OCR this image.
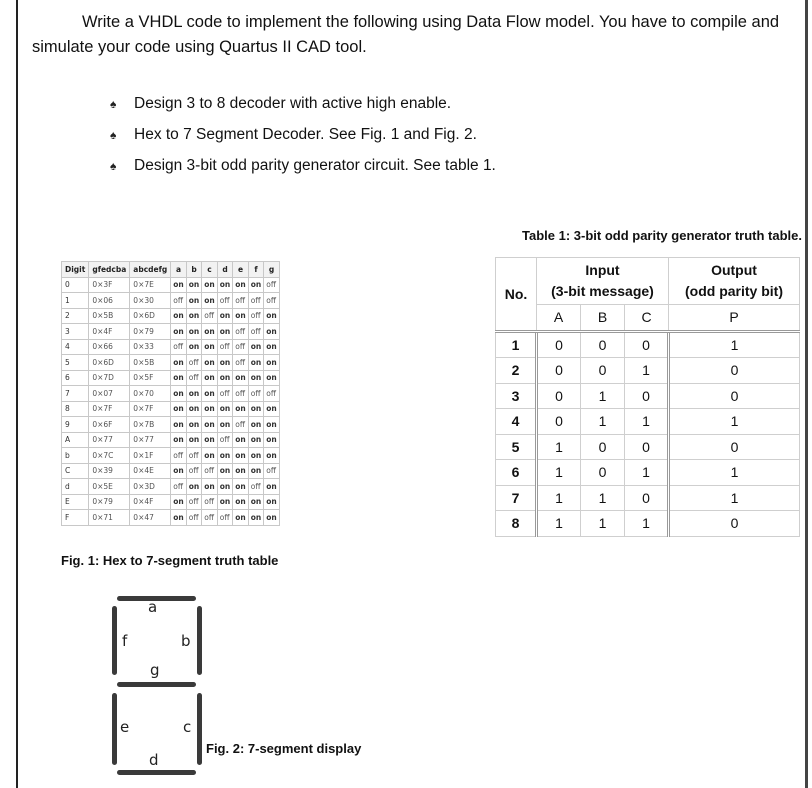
Write a VHDL code to implement the following using Data Flow model. You have to compile and
simulate your code using Quartus II CAD tool.
♠	Design 3 to 8 decoder with active high enable.
♠	Hex to 7 Segment Decoder. See Fig. 1 and Fig. 2.
♠	Design 3-bit odd parity generator circuit. See table 1.
Digit	gfedcba	abcdefg	a	b	c	d	e	f	g
0	0×3F	0×7E	on	on	on	on	on	on	off
1	0×06	0×30	off	on	on	off	off	off	off
2	0×5B	0×6D	on	on	off	on	on	off	on
3	0×4F	0×79	on	on	on	on	off	off	on
4	0×66	0×33	off	on	on	off	off	on	on
5	0×6D	0×5B	on	off	on	on	off	on	on
6	0×7D	0×5F	on	off	on	on	on	on	on
7	0×07	0×70	on	on	on	off	off	off	off
8	0×7F	0×7F	on	on	on	on	on	on	on
9	0×6F	0×7B	on	on	on	on	off	on	on
A	0×77	0×77	on	on	on	off	on	on	on
b	0×7C	0×1F	off	off	on	on	on	on	on
C	0×39	0×4E	on	off	off	on	on	on	off
d	0×5E	0×3D	off	on	on	on	on	off	on
E	0×79	0×4F	on	off	off	on	on	on	on
F	0×71	0×47	on	off	off	off	on	on	on
Fig. 1: Hex to 7-segment truth table
Table 1: 3-bit odd parity generator truth table.
No.	
Input
(3-bit message)

Output
(odd parity bit)

	A	B	C	P
1	0	0	0	1
2	0	0	1	0
3	0	1	0	0
4	0	1	1	1
5	1	0	0	0
6	1	0	1	1
7	1	1	0	1
8	1	1	1	0
a
f	b
g
e	c
d
Fig. 2: 7-segment display
